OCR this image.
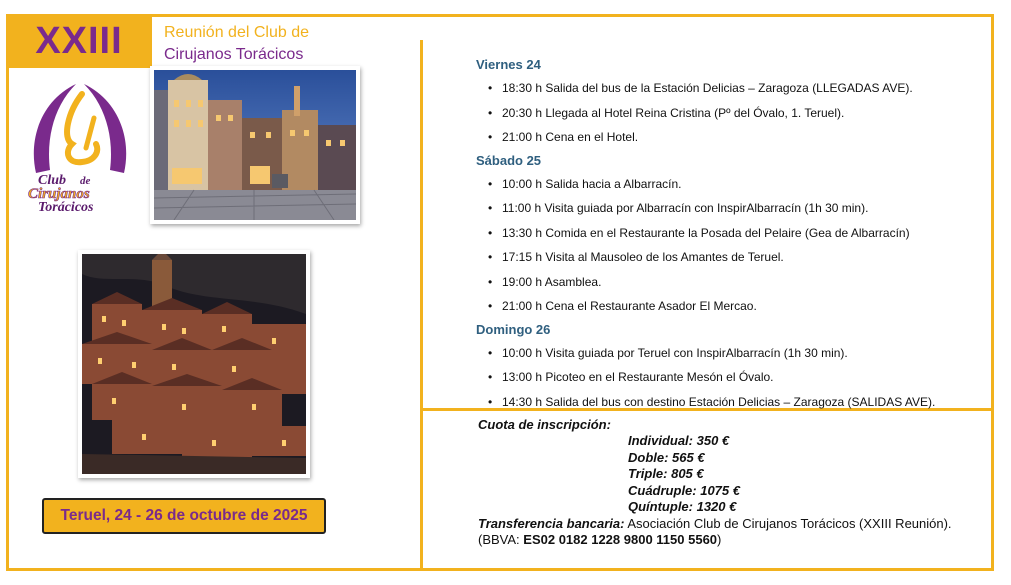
XXIII	Reunión del Club de
Cirujanos Torácicos
Club de
Cirujanos
Torácicos
Viernes 24
• 18:30 h Salida del bus de la Estación Delicias – Zaragoza (LLEGADAS AVE).
• 20:30 h Llegada al Hotel Reina Cristina (Pº del Óvalo, 1. Teruel).
• 21:00 h Cena en el Hotel.
Sábado 25
• 10:00 h Salida hacia a Albarracín.
• 11:00 h Visita guiada por Albarracín con InspirAlbarracín (1h 30 min).
• 13:30 h Comida en el Restaurante la Posada del Pelaire (Gea de Albarracín)
• 17:15 h Visita al Mausoleo de los Amantes de Teruel.
• 19:00 h Asamblea.
• 21:00 h Cena el Restaurante Asador El Mercao.
Domingo 26
• 10:00 h Visita guiada por Teruel con InspirAlbarracín (1h 30 min).
• 13:00 h Picoteo en el Restaurante Mesón el Óvalo.
• 14:30 h Salida del bus con destino Estación Delicias – Zaragoza (SALIDAS AVE).
Cuota de inscripción:
Individual: 350 €
Doble: 565 €
Triple: 805 €
Cuádruple: 1075 €
Quíntuple: 1320 €
Transferencia bancaria: Asociación Club de Cirujanos Torácicos (XXIII Reunión).
(BBVA: ES02 0182 1228 9800 1150 5560)
Teruel, 24 - 26 de octubre de 2025
